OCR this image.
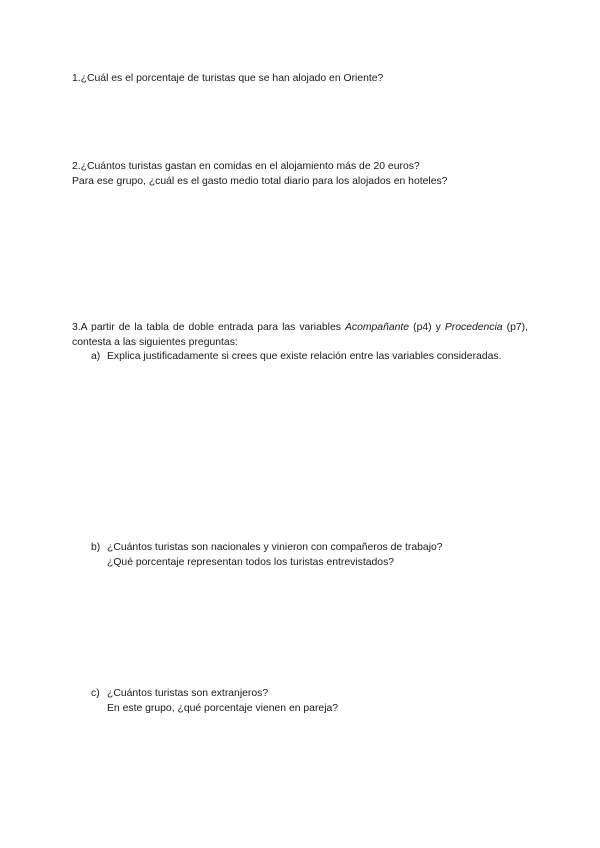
1.¿Cuál es el porcentaje de turistas que se han alojado en Oriente?
2.¿Cuántos turistas gastan en comidas en el alojamiento más de 20 euros?
Para ese grupo, ¿cuál es el gasto medio total diario para los alojados en hoteles?
3.A partir de la tabla de doble entrada para las variables Acompañante (p4) y Procedencia (p7), contesta a las siguientes preguntas:
a) Explica justificadamente si crees que existe relación entre las variables consideradas.
b) ¿Cuántos turistas son nacionales y vinieron con compañeros de trabajo?
¿Qué porcentaje representan todos los turistas entrevistados?
c) ¿Cuántos turistas son extranjeros?
En este grupo, ¿qué porcentaje vienen en pareja?
